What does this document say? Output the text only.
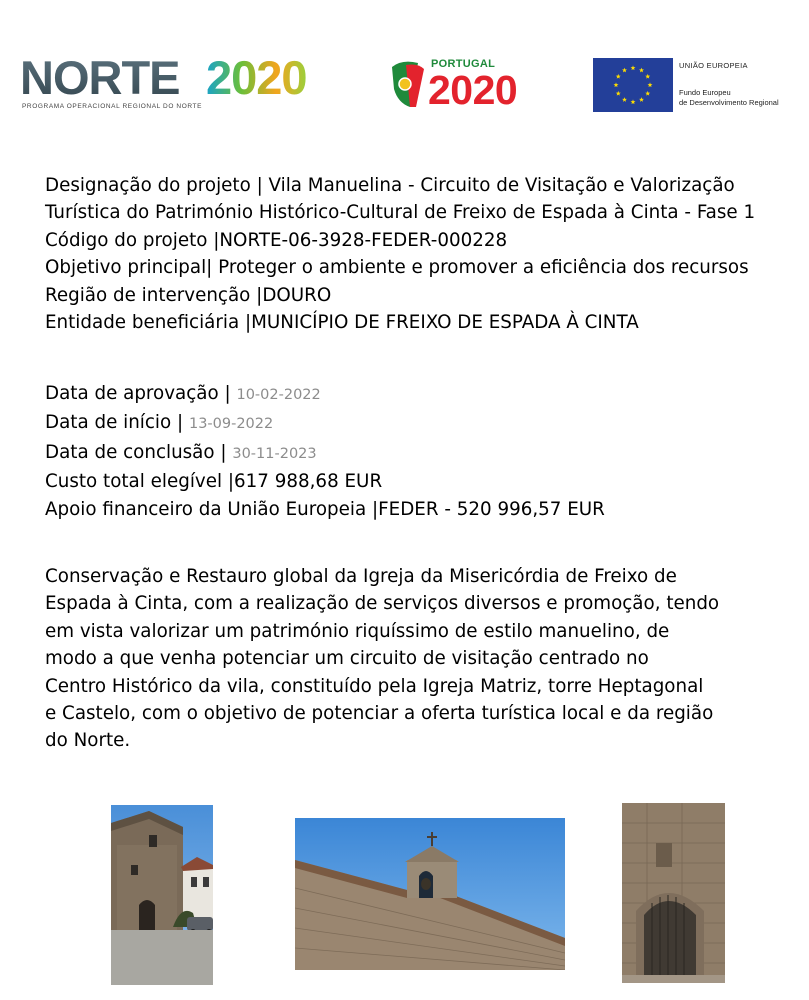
NORTE 2020
PROGRAMA OPERACIONAL REGIONAL DO NORTE
PORTUGAL
2020
UNIÃO EUROPEIA
Fundo Europeu
de Desenvolvimento Regional
Designação do projeto | Vila Manuelina - Circuito de Visitação e Valorização
Turística do Património Histórico-Cultural de Freixo de Espada à Cinta - Fase 1
Código do projeto |NORTE-06-3928-FEDER-000228
Objetivo principal| Proteger o ambiente e promover a eficiência dos recursos
Região de intervenção |DOURO
Entidade beneficiária |MUNICÍPIO DE FREIXO DE ESPADA À CINTA
Data de aprovação | 10-02-2022
Data de início | 13-09-2022
Data de conclusão | 30-11-2023
Custo total elegível |617 988,68 EUR
Apoio financeiro da União Europeia |FEDER - 520 996,57 EUR
Conservação e Restauro global da Igreja da Misericórdia de Freixo de
Espada à Cinta, com a realização de serviços diversos e promoção, tendo
em vista valorizar um património riquíssimo de estilo manuelino, de
modo a que venha potenciar um circuito de visitação centrado no
Centro Histórico da vila, constituído pela Igreja Matriz, torre Heptagonal
e Castelo, com o objetivo de potenciar a oferta turística local e da região
do Norte.
